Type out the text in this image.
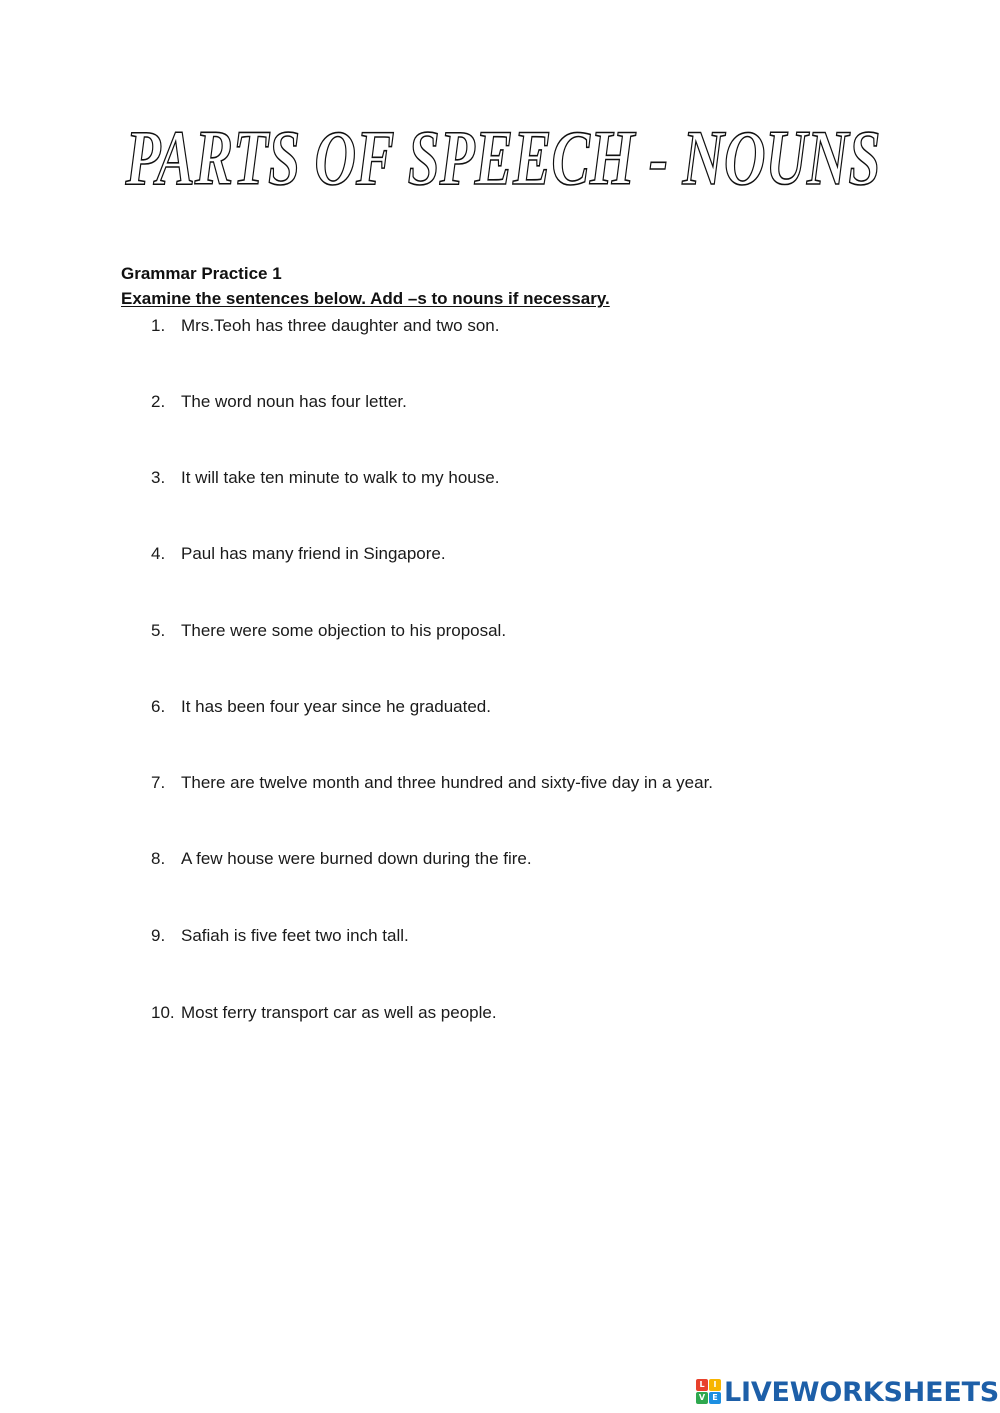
PARTS OF SPEECH - NOUNS
Grammar Practice 1
Examine the sentences below. Add –s to nouns if necessary.
1. Mrs.Teoh has three daughter and two son.
2. The word noun has four letter.
3. It will take ten minute to walk to my house.
4. Paul has many friend in Singapore.
5. There were some objection to his proposal.
6. It has been four year since he graduated.
7. There are twelve month and three hundred and sixty-five day in a year.
8. A few house were burned down during the fire.
9. Safiah is five feet two inch tall.
10. Most ferry transport car as well as people.
L	I
V E LIVEWORKSHEETS
